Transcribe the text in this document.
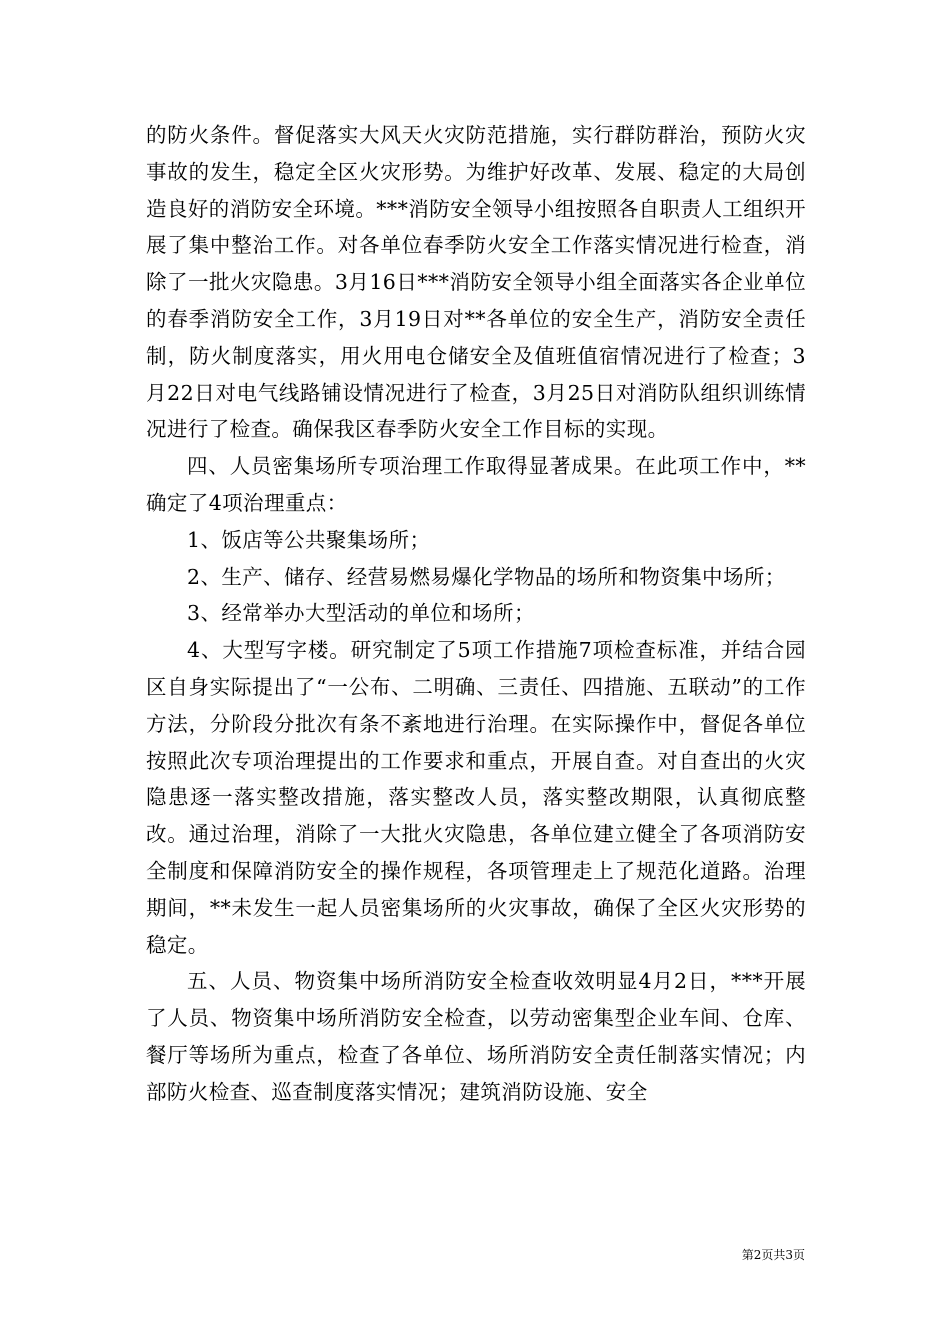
的防火条件。督促落实大风天火灾防范措施，实行群防群治，预防火灾事故的发生，稳定全区火灾形势。为维护好改革、发展、稳定的大局创造良好的消防安全环境。***消防安全领导小组按照各自职责人工组织开展了集中整治工作。对各单位春季防火安全工作落实情况进行检查，消除了一批火灾隐患。3月16日***消防安全领导小组全面落实各企业单位的春季消防安全工作，3月19日对**各单位的安全生产，消防安全责任制，防火制度落实，用火用电仓储安全及值班值宿情况进行了检查；3月22日对电气线路铺设情况进行了检查，3月25日对消防队组织训练情况进行了检查。确保我区春季防火安全工作目标的实现。

四、人员密集场所专项治理工作取得显著成果。在此项工作中，**确定了4项治理重点：

1、饭店等公共聚集场所；

2、生产、储存、经营易燃易爆化学物品的场所和物资集中场所；

3、经常举办大型活动的单位和场所；

4、大型写字楼。研究制定了5项工作措施7项检查标准，并结合园区自身实际提出了“一公布、二明确、三责任、四措施、五联动”的工作方法，分阶段分批次有条不紊地进行治理。在实际操作中，督促各单位按照此次专项治理提出的工作要求和重点，开展自查。对自查出的火灾隐患逐一落实整改措施，落实整改人员，落实整改期限，认真彻底整改。通过治理，消除了一大批火灾隐患，各单位建立健全了各项消防安全制度和保障消防安全的操作规程，各项管理走上了规范化道路。治理期间，**未发生一起人员密集场所的火灾事故，确保了全区火灾形势的稳定。

五、人员、物资集中场所消防安全检查收效明显4月2日，***开展了人员、物资集中场所消防安全检查，以劳动密集型企业车间、仓库、餐厅等场所为重点，检查了各单位、场所消防安全责任制落实情况；内部防火检查、巡查制度落实情况；建筑消防设施、安全

第2页共3页
